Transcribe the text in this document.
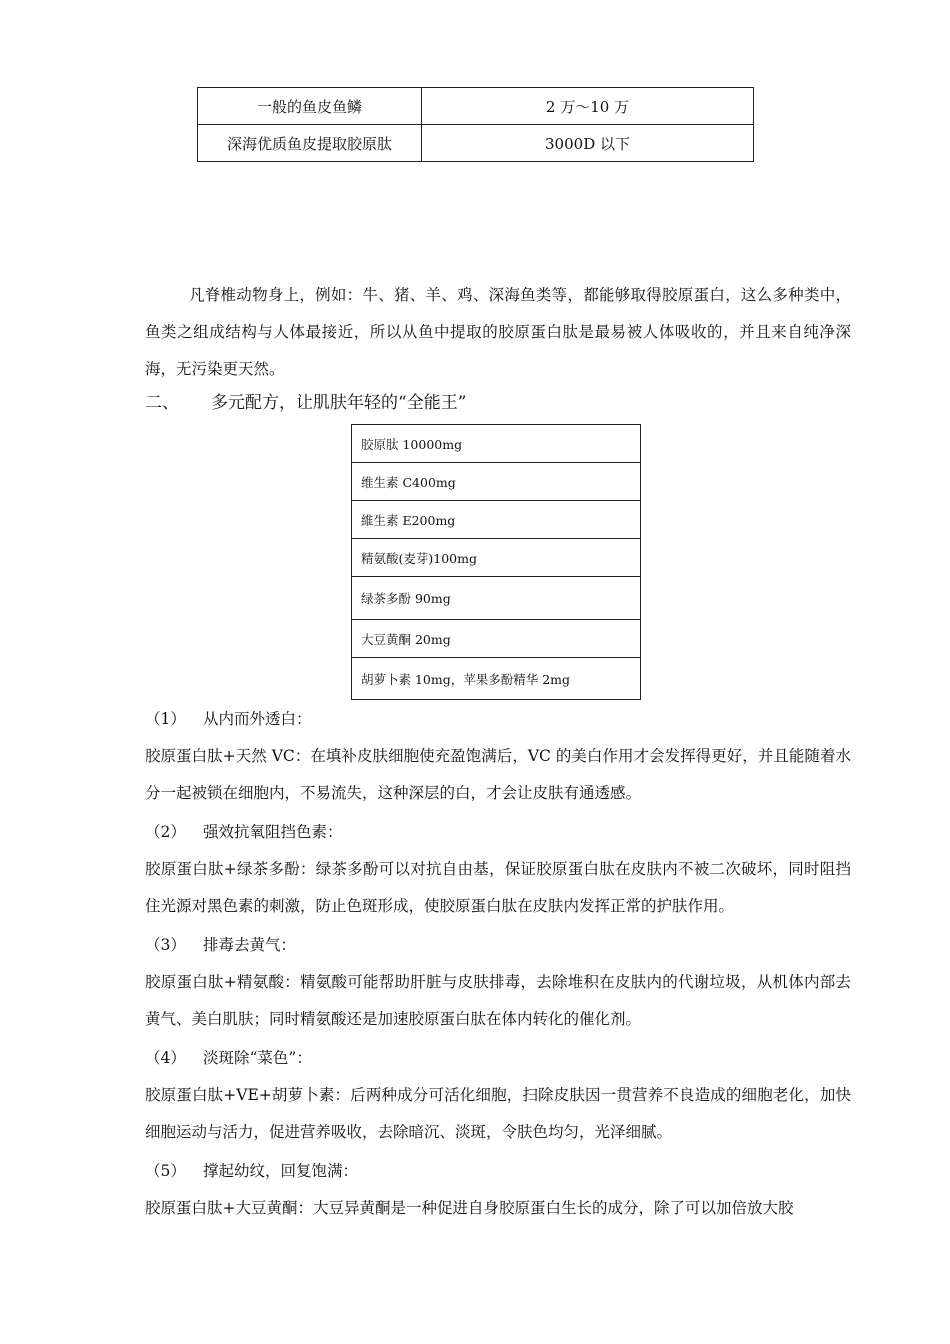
一般的鱼皮鱼鳞	2 万～10 万
深海优质鱼皮提取胶原肽	3000D 以下

凡脊椎动物身上，例如：牛、猪、羊、鸡、深海鱼类等，都能够取得胶原蛋白，这么多种类中，鱼类之组成结构与人体最接近，所以从鱼中提取的胶原蛋白肽是最易被人体吸收的，并且来自纯净深海，无污染更天然。

二、 多元配方，让肌肤年轻的“全能王”
胶原肽 10000mg
维生素 C400mg
維生素 E200mg
精氨酸(麦芽)100mg
绿茶多酚 90mg
大豆黄酮 20mg
胡萝卜素 10mg，苹果多酚精华 2mg
（1） 从内而外透白：

胶原蛋白肽+天然 VC：在填补皮肤细胞使充盈饱满后，VC 的美白作用才会发挥得更好，并且能随着水分一起被锁在细胞内，不易流失，这种深层的白，才会让皮肤有通透感。

（2） 强效抗氧阻挡色素：

胶原蛋白肽+绿茶多酚：绿茶多酚可以对抗自由基，保证胶原蛋白肽在皮肤内不被二次破坏，同时阻挡住光源对黑色素的刺激，防止色斑形成，使胶原蛋白肽在皮肤内发挥正常的护肤作用。

（3） 排毒去黄气：

胶原蛋白肽+精氨酸：精氨酸可能帮助肝脏与皮肤排毒，去除堆积在皮肤内的代谢垃圾，从机体内部去黄气、美白肌肤；同时精氨酸还是加速胶原蛋白肽在体内转化的催化剂。

（4） 淡斑除“菜色”：

胶原蛋白肽+VE+胡萝卜素：后两种成分可活化细胞，扫除皮肤因一贯营养不良造成的细胞老化，加快细胞运动与活力，促进营养吸收，去除暗沉、淡斑，令肤色均匀，光泽细腻。

（5） 撑起幼纹，回复饱满：

胶原蛋白肽+大豆黄酮：大豆异黄酮是一种促进自身胶原蛋白生长的成分，除了可以加倍放大胶
